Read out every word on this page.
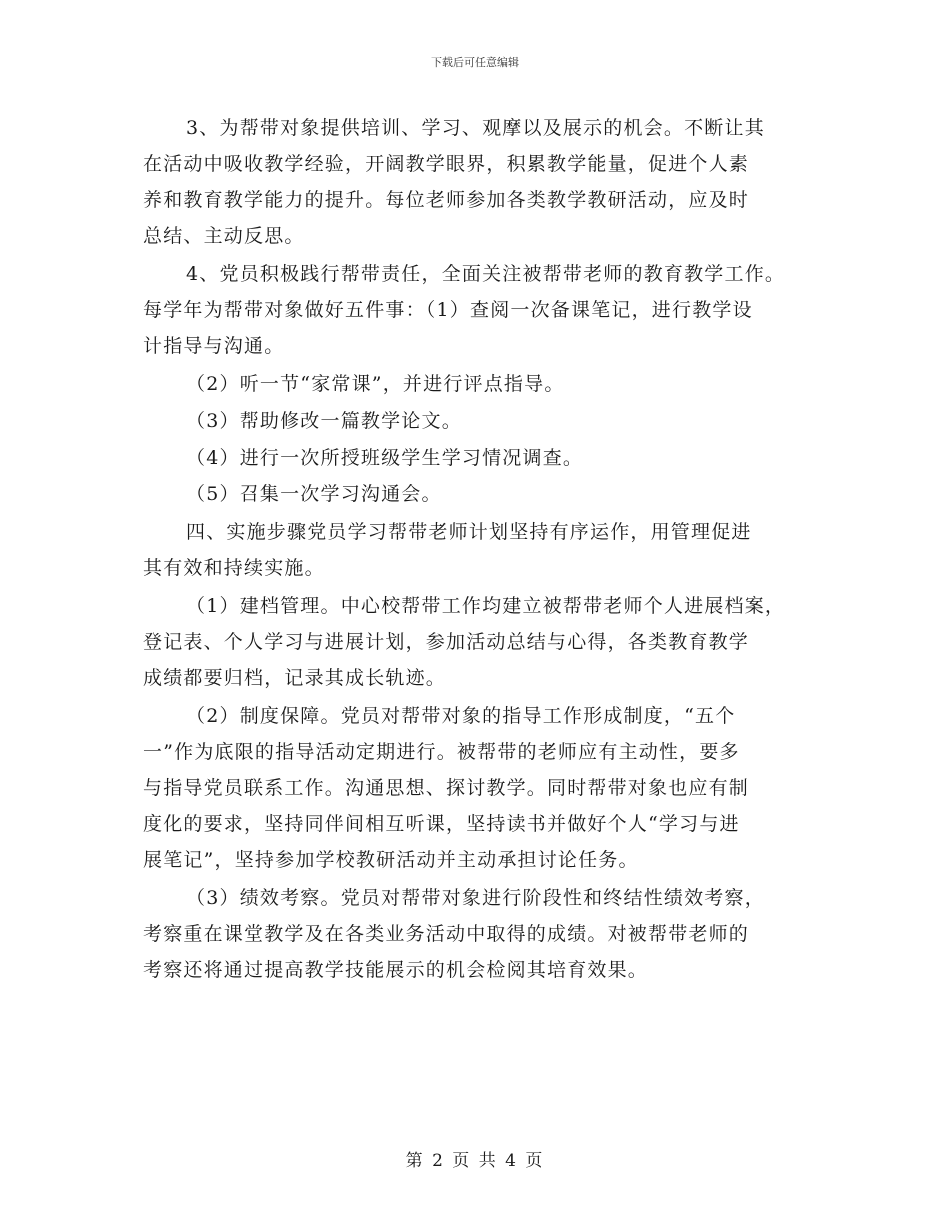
下载后可任意编辑
3、为帮带对象提供培训、学习、观摩以及展示的机会。不断让其
在活动中吸收教学经验，开阔教学眼界，积累教学能量，促进个人素
养和教育教学能力的提升。每位老师参加各类教学教研活动，应及时
总结、主动反思。
4、党员积极践行帮带责任，全面关注被帮带老师的教育教学工作。
每学年为帮带对象做好五件事：（1）查阅一次备课笔记，进行教学设
计指导与沟通。
（2）听一节“家常课”，并进行评点指导。
（3）帮助修改一篇教学论文。
（4）进行一次所授班级学生学习情况调查。
（5）召集一次学习沟通会。
四、实施步骤党员学习帮带老师计划坚持有序运作，用管理促进
其有效和持续实施。
（1）建档管理。中心校帮带工作均建立被帮带老师个人进展档案，
登记表、个人学习与进展计划，参加活动总结与心得，各类教育教学
成绩都要归档，记录其成长轨迹。
（2）制度保障。党员对帮带对象的指导工作形成制度，“五个
一”作为底限的指导活动定期进行。被帮带的老师应有主动性，要多
与指导党员联系工作。沟通思想、探讨教学。同时帮带对象也应有制
度化的要求，坚持同伴间相互听课，坚持读书并做好个人“学习与进
展笔记”，坚持参加学校教研活动并主动承担讨论任务。
（3）绩效考察。党员对帮带对象进行阶段性和终结性绩效考察，
考察重在课堂教学及在各类业务活动中取得的成绩。对被帮带老师的
考察还将通过提高教学技能展示的机会检阅其培育效果。
第 2 页 共 4 页
